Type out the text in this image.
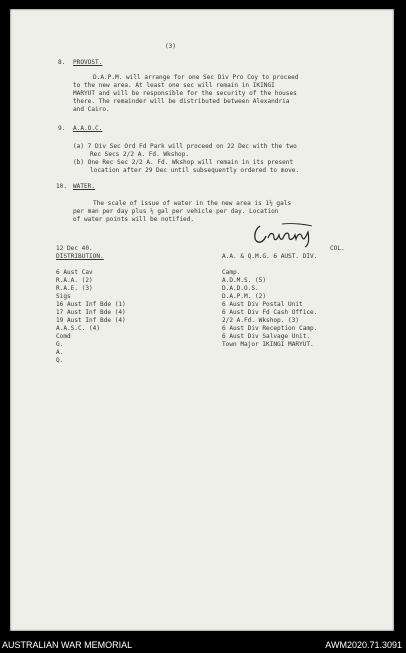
(3)
8. PROVOST.
D.A.P.M. will arrange for one Sec Div Pro Coy to proceed
to the new area. At least one sec will remain in IKINGI
MARYUT and will be responsible for the security of the houses
there. The remainder will be distributed between Alexandria
and Cairo.
9. A.A.O.C.
(a) 7 Div Sec Ord Fd Park will proceed on 22 Dec with the two
Rec Secs 2/2 A. Fd. Wkshop.
(b) One Rec Sec 2/2 A. Fd. Wkshop will remain in its present
location after 29 Dec until subsequently ordered to move.
10. WATER.
The scale of issue of water in the new area is 1½ gals
per man per day plus ½ gal per vehicle per day. Location
of water points will be notified.
COL.
A.A. & Q.M.G. 6 AUST. DIV.
12 Dec 40.
DISTRIBUTION.
6 Aust Cav
R.A.A. (2)
R.A.E. (3)
Sigs
16 Aust Inf Bde (1)
17 Aust Inf Bde (4)
19 Aust Inf Bde (4)
A.A.S.C. (4)
Comd
G.
A.
Q.
Camp.
A.D.M.S. (5)
D.A.D.O.S.
D.A.P.M. (2)
6 Aust Div Postal Unit
6 Aust Div Fd Cash Office.
2/2 A.Fd. Wkshop. (3)
6 Aust Div Reception Camp.
6 Aust Div Salvage Unit.
Town Major IKINGI MARYUT.
AUSTRALIAN WAR MEMORIAL	AWM2020.71.3091
